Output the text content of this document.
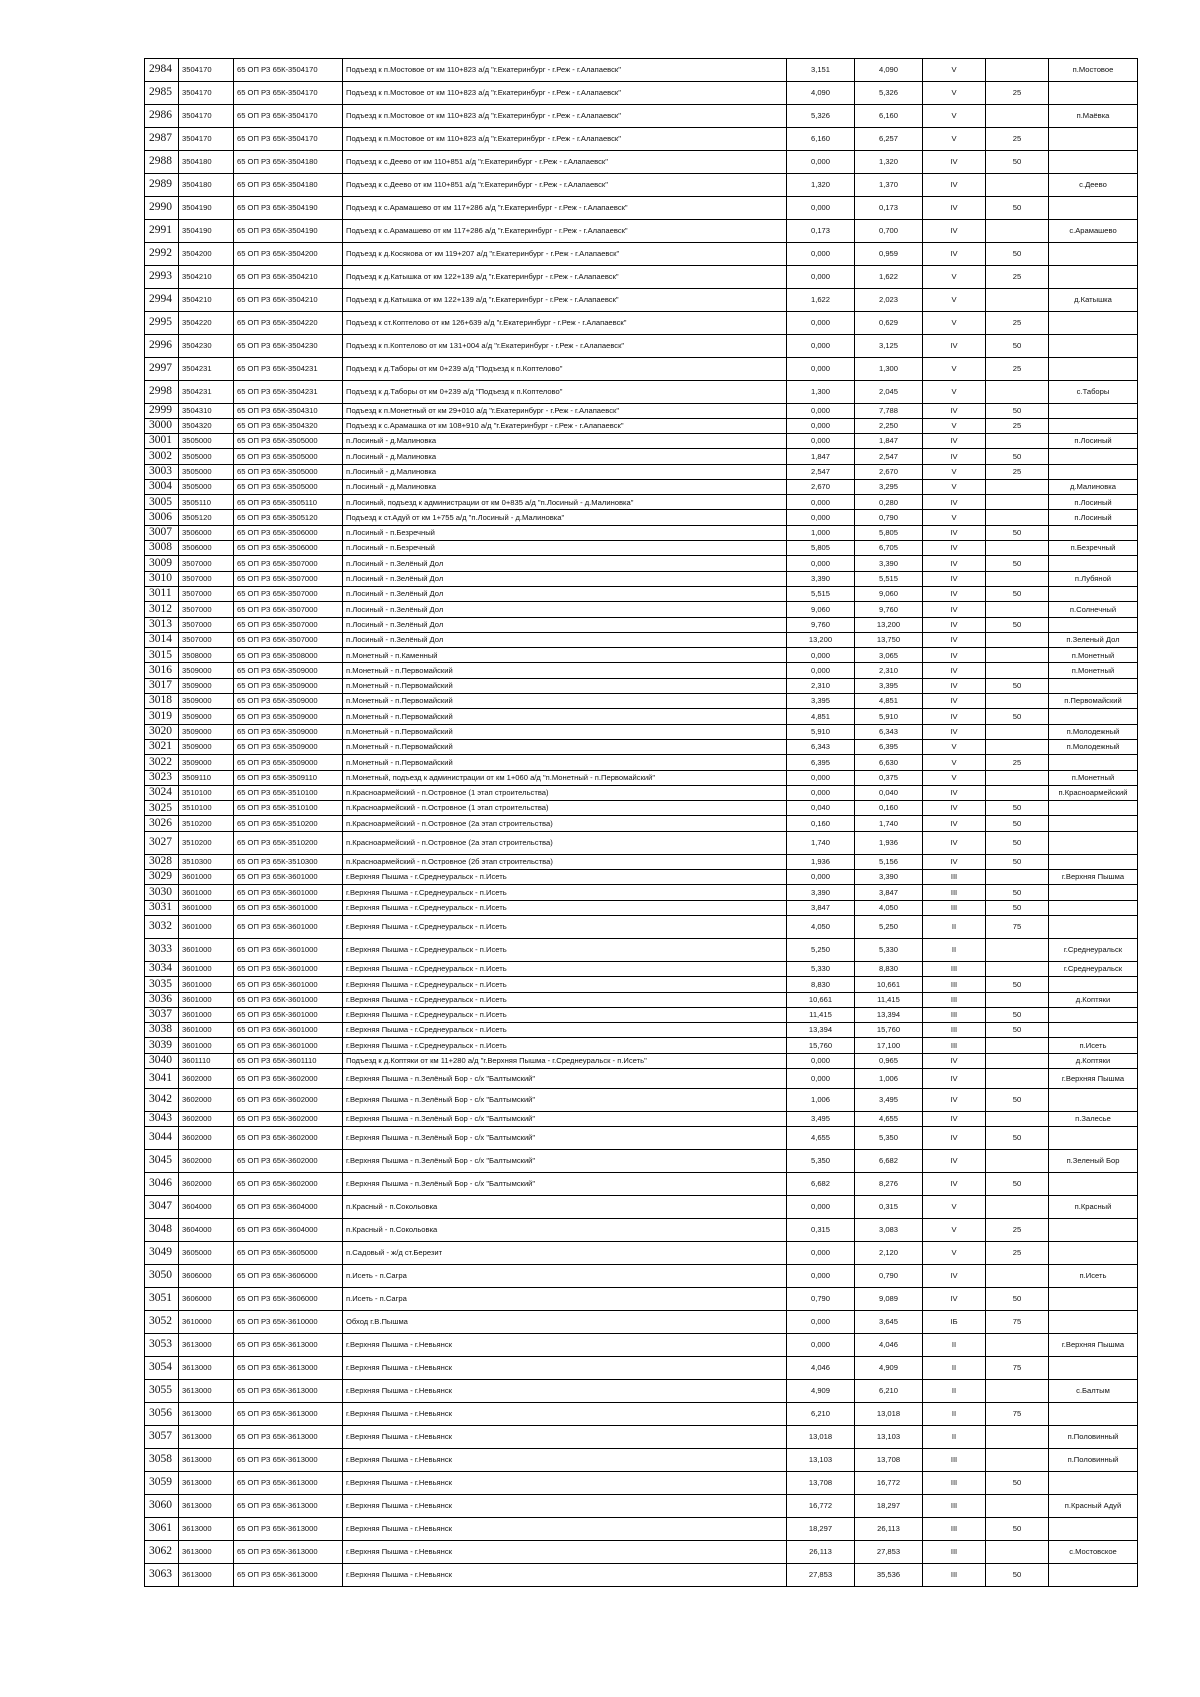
2984	3504170	65 ОП РЗ 65К-3504170	Подъезд к п.Мостовое от км 110+823 а/д "г.Екатеринбург - г.Реж - г.Алапаевск"	3,151	4,090	V		п.Мостовое
2985	3504170	65 ОП РЗ 65К-3504170	Подъезд к п.Мостовое от км 110+823 а/д "г.Екатеринбург - г.Реж - г.Алапаевск"	4,090	5,326	V	25	
2986	3504170	65 ОП РЗ 65К-3504170	Подъезд к п.Мостовое от км 110+823 а/д "г.Екатеринбург - г.Реж - г.Алапаевск"	5,326	6,160	V		п.Маёвка
2987	3504170	65 ОП РЗ 65К-3504170	Подъезд к п.Мостовое от км 110+823 а/д "г.Екатеринбург - г.Реж - г.Алапаевск"	6,160	6,257	V	25	
2988	3504180	65 ОП РЗ 65К-3504180	Подъезд к с.Деево от км 110+851 а/д "г.Екатеринбург - г.Реж - г.Алапаевск"	0,000	1,320	IV	50	
2989	3504180	65 ОП РЗ 65К-3504180	Подъезд к с.Деево от км 110+851 а/д "г.Екатеринбург - г.Реж - г.Алапаевск"	1,320	1,370	IV		с.Деево
2990	3504190	65 ОП РЗ 65К-3504190	Подъезд к с.Арамашево от км 117+286 а/д "г.Екатеринбург - г.Реж - г.Алапаевск"	0,000	0,173	IV	50	
2991	3504190	65 ОП РЗ 65К-3504190	Подъезд к с.Арамашево от км 117+286 а/д "г.Екатеринбург - г.Реж - г.Алапаевск"	0,173	0,700	IV		с.Арамашево
2992	3504200	65 ОП РЗ 65К-3504200	Подъезд к д.Косякова от км 119+207 а/д "г.Екатеринбург - г.Реж - г.Алапаевск"	0,000	0,959	IV	50	
2993	3504210	65 ОП РЗ 65К-3504210	Подъезд к д.Катышка от км 122+139 а/д "г.Екатеринбург - г.Реж - г.Алапаевск"	0,000	1,622	V	25	
2994	3504210	65 ОП РЗ 65К-3504210	Подъезд к д.Катышка от км 122+139 а/д "г.Екатеринбург - г.Реж - г.Алапаевск"	1,622	2,023	V		д.Катышка
2995	3504220	65 ОП РЗ 65К-3504220	Подъезд к ст.Коптелово от км 126+639 а/д "г.Екатеринбург - г.Реж - г.Алапаевск"	0,000	0,629	V	25	
2996	3504230	65 ОП РЗ 65К-3504230	Подъезд к п.Коптелово от км 131+004 а/д "г.Екатеринбург - г.Реж - г.Алапаевск"	0,000	3,125	IV	50	
2997	3504231	65 ОП РЗ 65К-3504231	Подъезд к д.Таборы от км 0+239 а/д "Подъезд к п.Коптелово"	0,000	1,300	V	25	
2998	3504231	65 ОП РЗ 65К-3504231	Подъезд к д.Таборы от км 0+239 а/д "Подъезд к п.Коптелово"	1,300	2,045	V		с.Таборы
2999	3504310	65 ОП РЗ 65К-3504310	Подъезд к п.Монетный от км 29+010 а/д "г.Екатеринбург - г.Реж - г.Алапаевск"	0,000	7,788	IV	50	
3000	3504320	65 ОП РЗ 65К-3504320	Подъезд к с.Арамашка от км 108+910 а/д "г.Екатеринбург - г.Реж - г.Алапаевск"	0,000	2,250	V	25	
3001	3505000	65 ОП РЗ 65К-3505000	п.Лосиный - д.Малиновка	0,000	1,847	IV		п.Лосиный
3002	3505000	65 ОП РЗ 65К-3505000	п.Лосиный - д.Малиновка	1,847	2,547	IV	50	
3003	3505000	65 ОП РЗ 65К-3505000	п.Лосиный - д.Малиновка	2,547	2,670	V	25	
3004	3505000	65 ОП РЗ 65К-3505000	п.Лосиный - д.Малиновка	2,670	3,295	V		д.Малиновка
3005	3505110	65 ОП РЗ 65К-3505110	п.Лосиный, подъезд к администрации от км 0+835 а/д "п.Лосиный - д.Малиновка"	0,000	0,280	IV		п.Лосиный
3006	3505120	65 ОП РЗ 65К-3505120	Подъезд к ст.Адуй от км 1+755 а/д "п.Лосиный - д.Малиновка"	0,000	0,790	V		п.Лосиный
3007	3506000	65 ОП РЗ 65К-3506000	п.Лосиный - п.Безречный	1,000	5,805	IV	50	
3008	3506000	65 ОП РЗ 65К-3506000	п.Лосиный - п.Безречный	5,805	6,705	IV		п.Безречный
3009	3507000	65 ОП РЗ 65К-3507000	п.Лосиный - п.Зелёный Дол	0,000	3,390	IV	50	
3010	3507000	65 ОП РЗ 65К-3507000	п.Лосиный - п.Зелёный Дол	3,390	5,515	IV		п.Лубяной
3011	3507000	65 ОП РЗ 65К-3507000	п.Лосиный - п.Зелёный Дол	5,515	9,060	IV	50	
3012	3507000	65 ОП РЗ 65К-3507000	п.Лосиный - п.Зелёный Дол	9,060	9,760	IV		п.Солнечный
3013	3507000	65 ОП РЗ 65К-3507000	п.Лосиный - п.Зелёный Дол	9,760	13,200	IV	50	
3014	3507000	65 ОП РЗ 65К-3507000	п.Лосиный - п.Зелёный Дол	13,200	13,750	IV		п.Зеленый Дол
3015	3508000	65 ОП РЗ 65К-3508000	п.Монетный - п.Каменный	0,000	3,065	IV		п.Монетный
3016	3509000	65 ОП РЗ 65К-3509000	п.Монетный - п.Первомайский	0,000	2,310	IV		п.Монетный
3017	3509000	65 ОП РЗ 65К-3509000	п.Монетный - п.Первомайский	2,310	3,395	IV	50	
3018	3509000	65 ОП РЗ 65К-3509000	п.Монетный - п.Первомайский	3,395	4,851	IV		п.Первомайский
3019	3509000	65 ОП РЗ 65К-3509000	п.Монетный - п.Первомайский	4,851	5,910	IV	50	
3020	3509000	65 ОП РЗ 65К-3509000	п.Монетный - п.Первомайский	5,910	6,343	IV		п.Молодежный
3021	3509000	65 ОП РЗ 65К-3509000	п.Монетный - п.Первомайский	6,343	6,395	V		п.Молодежный
3022	3509000	65 ОП РЗ 65К-3509000	п.Монетный - п.Первомайский	6,395	6,630	V	25	
3023	3509110	65 ОП РЗ 65К-3509110	п.Монетный, подъезд к администрации от км 1+060 а/д "п.Монетный - п.Первомайский"	0,000	0,375	V		п.Монетный
3024	3510100	65 ОП РЗ 65К-3510100	п.Красноармейский - п.Островное (1 этап строительства)	0,000	0,040	IV		п.Красноармейский
3025	3510100	65 ОП РЗ 65К-3510100	п.Красноармейский - п.Островное (1 этап строительства)	0,040	0,160	IV	50	
3026	3510200	65 ОП РЗ 65К-3510200	п.Красноармейский - п.Островное (2а этап строительства)	0,160	1,740	IV	50	
3027	3510200	65 ОП РЗ 65К-3510200	п.Красноармейский - п.Островное (2а этап строительства)	1,740	1,936	IV	50	
3028	3510300	65 ОП РЗ 65К-3510300	п.Красноармейский - п.Островное (2б этап строительства)	1,936	5,156	IV	50	
3029	3601000	65 ОП РЗ 65К-3601000	г.Верхняя Пышма - г.Среднеуральск - п.Исеть	0,000	3,390	III		г.Верхняя Пышма
3030	3601000	65 ОП РЗ 65К-3601000	г.Верхняя Пышма - г.Среднеуральск - п.Исеть	3,390	3,847	III	50	
3031	3601000	65 ОП РЗ 65К-3601000	г.Верхняя Пышма - г.Среднеуральск - п.Исеть	3,847	4,050	III	50	
3032	3601000	65 ОП РЗ 65К-3601000	г.Верхняя Пышма - г.Среднеуральск - п.Исеть	4,050	5,250	II	75	
3033	3601000	65 ОП РЗ 65К-3601000	г.Верхняя Пышма - г.Среднеуральск - п.Исеть	5,250	5,330	II		г.Среднеуральск
3034	3601000	65 ОП РЗ 65К-3601000	г.Верхняя Пышма - г.Среднеуральск - п.Исеть	5,330	8,830	III		г.Среднеуральск
3035	3601000	65 ОП РЗ 65К-3601000	г.Верхняя Пышма - г.Среднеуральск - п.Исеть	8,830	10,661	III	50	
3036	3601000	65 ОП РЗ 65К-3601000	г.Верхняя Пышма - г.Среднеуральск - п.Исеть	10,661	11,415	III		д.Коптяки
3037	3601000	65 ОП РЗ 65К-3601000	г.Верхняя Пышма - г.Среднеуральск - п.Исеть	11,415	13,394	III	50	
3038	3601000	65 ОП РЗ 65К-3601000	г.Верхняя Пышма - г.Среднеуральск - п.Исеть	13,394	15,760	III	50	
3039	3601000	65 ОП РЗ 65К-3601000	г.Верхняя Пышма - г.Среднеуральск - п.Исеть	15,760	17,100	III		п.Исеть
3040	3601110	65 ОП РЗ 65К-3601110	Подъезд к д.Коптяки от км 11+280 а/д "г.Верхняя Пышма - г.Среднеуральск - п.Исеть"	0,000	0,965	IV		д.Коптяки
3041	3602000	65 ОП РЗ 65К-3602000	г.Верхняя Пышма - п.Зелёный Бор - с/х "Балтымский"	0,000	1,006	IV		г.Верхняя Пышма
3042	3602000	65 ОП РЗ 65К-3602000	г.Верхняя Пышма - п.Зелёный Бор - с/х "Балтымский"	1,006	3,495	IV	50	
3043	3602000	65 ОП РЗ 65К-3602000	г.Верхняя Пышма - п.Зелёный Бор - с/х "Балтымский"	3,495	4,655	IV		п.Залесье
3044	3602000	65 ОП РЗ 65К-3602000	г.Верхняя Пышма - п.Зелёный Бор - с/х "Балтымский"	4,655	5,350	IV	50	
3045	3602000	65 ОП РЗ 65К-3602000	г.Верхняя Пышма - п.Зелёный Бор - с/х "Балтымский"	5,350	6,682	IV		п.Зеленый Бор
3046	3602000	65 ОП РЗ 65К-3602000	г.Верхняя Пышма - п.Зелёный Бор - с/х "Балтымский"	6,682	8,276	IV	50	
3047	3604000	65 ОП РЗ 65К-3604000	п.Красный - п.Сокольовка	0,000	0,315	V		п.Красный
3048	3604000	65 ОП РЗ 65К-3604000	п.Красный - п.Сокольовка	0,315	3,083	V	25	
3049	3605000	65 ОП РЗ 65К-3605000	п.Садовый - ж/д ст.Березит	0,000	2,120	V	25	
3050	3606000	65 ОП РЗ 65К-3606000	п.Исеть - п.Сагра	0,000	0,790	IV		п.Исеть
3051	3606000	65 ОП РЗ 65К-3606000	п.Исеть - п.Сагра	0,790	9,089	IV	50	
3052	3610000	65 ОП РЗ 65К-3610000	Обход г.В.Пышма	0,000	3,645	IБ	75	
3053	3613000	65 ОП РЗ 65К-3613000	г.Верхняя Пышма - г.Невьянск	0,000	4,046	II		г.Верхняя Пышма
3054	3613000	65 ОП РЗ 65К-3613000	г.Верхняя Пышма - г.Невьянск	4,046	4,909	II	75	
3055	3613000	65 ОП РЗ 65К-3613000	г.Верхняя Пышма - г.Невьянск	4,909	6,210	II		с.Балтым
3056	3613000	65 ОП РЗ 65К-3613000	г.Верхняя Пышма - г.Невьянск	6,210	13,018	II	75	
3057	3613000	65 ОП РЗ 65К-3613000	г.Верхняя Пышма - г.Невьянск	13,018	13,103	II		п.Половинный
3058	3613000	65 ОП РЗ 65К-3613000	г.Верхняя Пышма - г.Невьянск	13,103	13,708	III		п.Половинный
3059	3613000	65 ОП РЗ 65К-3613000	г.Верхняя Пышма - г.Невьянск	13,708	16,772	III	50	
3060	3613000	65 ОП РЗ 65К-3613000	г.Верхняя Пышма - г.Невьянск	16,772	18,297	III		п.Красный Адуй
3061	3613000	65 ОП РЗ 65К-3613000	г.Верхняя Пышма - г.Невьянск	18,297	26,113	III	50	
3062	3613000	65 ОП РЗ 65К-3613000	г.Верхняя Пышма - г.Невьянск	26,113	27,853	III		с.Мостовское
3063	3613000	65 ОП РЗ 65К-3613000	г.Верхняя Пышма - г.Невьянск	27,853	35,536	III	50	
